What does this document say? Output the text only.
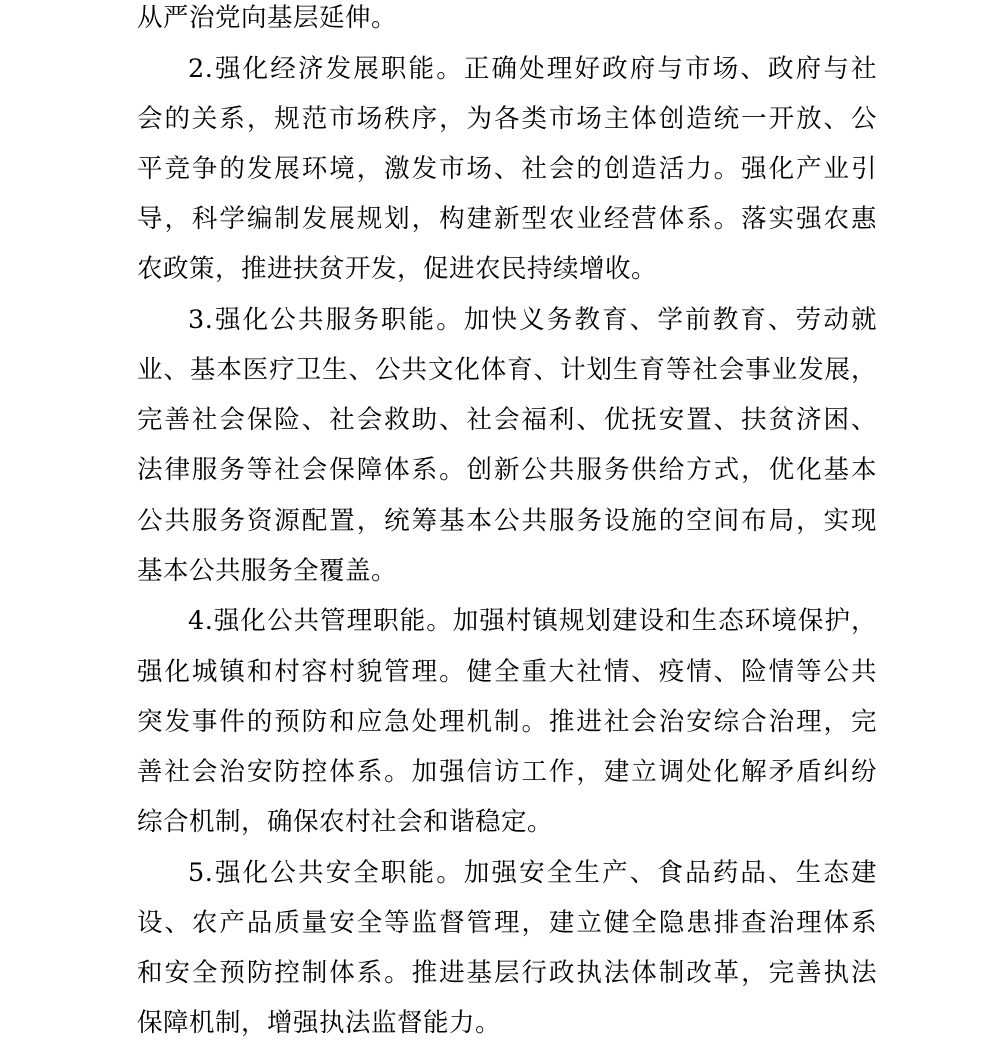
从严治党向基层延伸。
2.强化经济发展职能。正确处理好政府与市场、政府与社
会的关系，规范市场秩序，为各类市场主体创造统一开放、公
平竞争的发展环境，激发市场、社会的创造活力。强化产业引
导，科学编制发展规划，构建新型农业经营体系。落实强农惠
农政策，推进扶贫开发，促进农民持续增收。
3.强化公共服务职能。加快义务教育、学前教育、劳动就
业、基本医疗卫生、公共文化体育、计划生育等社会事业发展，
完善社会保险、社会救助、社会福利、优抚安置、扶贫济困、
法律服务等社会保障体系。创新公共服务供给方式，优化基本
公共服务资源配置，统筹基本公共服务设施的空间布局，实现
基本公共服务全覆盖。
4.强化公共管理职能。加强村镇规划建设和生态环境保护，
强化城镇和村容村貌管理。健全重大社情、疫情、险情等公共
突发事件的预防和应急处理机制。推进社会治安综合治理，完
善社会治安防控体系。加强信访工作，建立调处化解矛盾纠纷
综合机制，确保农村社会和谐稳定。
5.强化公共安全职能。加强安全生产、食品药品、生态建
设、农产品质量安全等监督管理，建立健全隐患排查治理体系
和安全预防控制体系。推进基层行政执法体制改革，完善执法
保障机制，增强执法监督能力。
